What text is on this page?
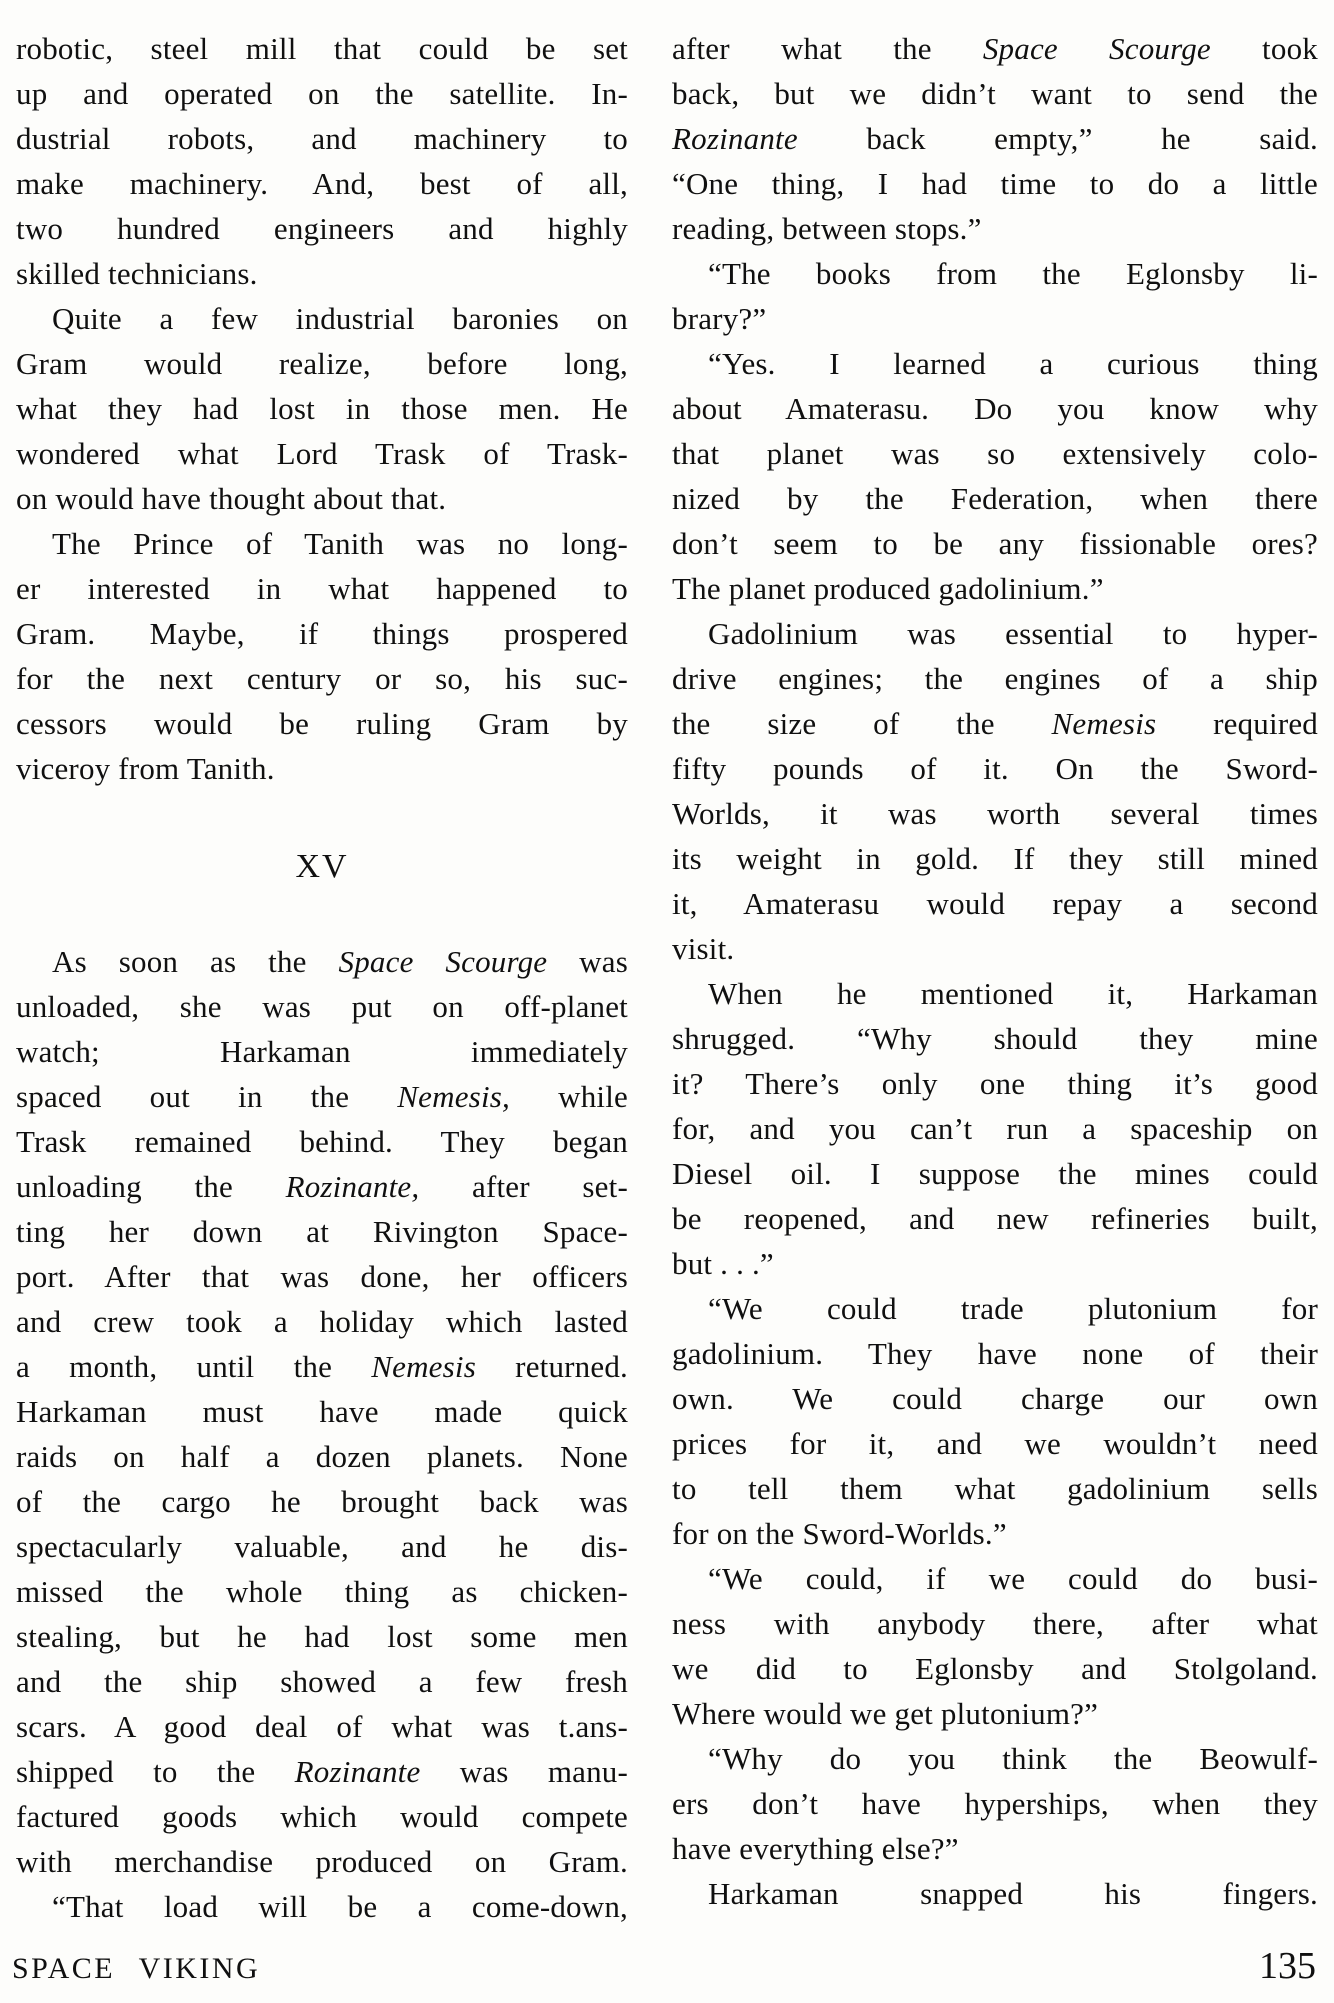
robotic, steel mill that could be set
up and operated on the satellite. In-
dustrial robots, and machinery to
make machinery. And, best of all,
two hundred engineers and highly
skilled technicians.
Quite a few industrial baronies on
Gram would realize, before long,
what they had lost in those men. He
wondered what Lord Trask of Trask-
on would have thought about that.
The Prince of Tanith was no long-
er interested in what happened to
Gram. Maybe, if things prospered
for the next century or so, his suc-
cessors would be ruling Gram by
viceroy from Tanith.
XV
As soon as the Space Scourge was
unloaded, she was put on off-planet
watch; Harkaman immediately
spaced out in the Nemesis, while
Trask remained behind. They began
unloading the Rozinante, after set-
ting her down at Rivington Space-
port. After that was done, her officers
and crew took a holiday which lasted
a month, until the Nemesis returned.
Harkaman must have made quick
raids on half a dozen planets. None
of the cargo he brought back was
spectacularly valuable, and he dis-
missed the whole thing as chicken-
stealing, but he had lost some men
and the ship showed a few fresh
scars. A good deal of what was t.ans-
shipped to the Rozinante was manu-
factured goods which would compete
with merchandise produced on Gram.
“That load will be a come-down,
after what the Space Scourge took
back, but we didn’t want to send the
Rozinante back empty,” he said.
“One thing, I had time to do a little
reading, between stops.”
“The books from the Eglonsby li-
brary?”
“Yes. I learned a curious thing
about Amaterasu. Do you know why
that planet was so extensively colo-
nized by the Federation, when there
don’t seem to be any fissionable ores?
The planet produced gadolinium.”
Gadolinium was essential to hyper-
drive engines; the engines of a ship
the size of the Nemesis required
fifty pounds of it. On the Sword-
Worlds, it was worth several times
its weight in gold. If they still mined
it, Amaterasu would repay a second
visit.
When he mentioned it, Harkaman
shrugged. “Why should they mine
it? There’s only one thing it’s good
for, and you can’t run a spaceship on
Diesel oil. I suppose the mines could
be reopened, and new refineries built,
but . . .”
“We could trade plutonium for
gadolinium. They have none of their
own. We could charge our own
prices for it, and we wouldn’t need
to tell them what gadolinium sells
for on the Sword-Worlds.”
“We could, if we could do busi-
ness with anybody there, after what
we did to Eglonsby and Stolgoland.
Where would we get plutonium?”
“Why do you think the Beowulf-
ers don’t have hyperships, when they
have everything else?”
Harkaman snapped his fingers.
SPACE VIKING	135
